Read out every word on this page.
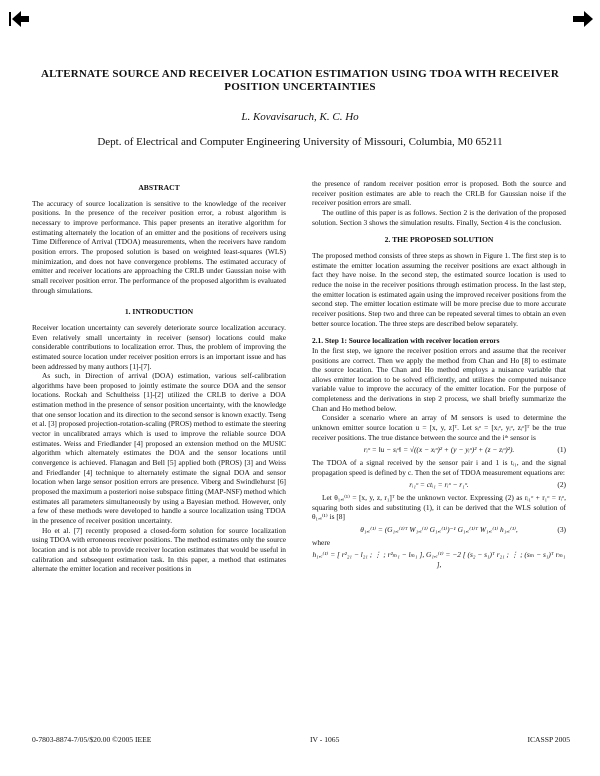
ALTERNATE SOURCE AND RECEIVER LOCATION ESTIMATION USING TDOA WITH RECEIVER POSITION UNCERTAINTIES
L. Kovavisaruch, K. C. Ho
Dept. of Electrical and Computer Engineering University of Missouri, Columbia, M0 65211
ABSTRACT

The accuracy of source localization is sensitive to the knowledge of the receiver positions. In the presence of the receiver position error, a robust algorithm is necessary to improve performance. This paper presents an iterative algorithm for estimating alternately the location of an emitter and the positions of receivers using Time Difference of Arrival (TDOA) measurements, when the receivers have random position errors. The proposed solution is based on weighted least-squares (WLS) minimization, and does not have convergence problems. The estimated accuracy of emitter and receiver locations are approaching the CRLB under Gaussian noise with small receiver position error. The performance of the proposed algorithm is evaluated through simulations.

1. INTRODUCTION

Receiver location uncertainty can severely deteriorate source localization accuracy. Even relatively small uncertainty in receiver (sensor) locations could make considerable contributions to localization error. Thus, the problem of improving the estimated source location under receiver position errors is an important issue and has been addressed by many authors [1]-[7].

As such, in Direction of arrival (DOA) estimation, various self-calibration algorithms have been proposed to jointly estimate the source DOA and the sensor locations. Rockah and Schultheiss [1]-[2] utilized the CRLB to derive a DOA estimation method in the presence of sensor position uncertainty, with the knowledge that one sensor location and its direction to the second sensor is known exactly. Tseng et al. [3] proposed projection-rotation-scaling (PROS) method to estimate the steering vector in uncalibrated arrays which is used to improve the reliable source DOA estimates. Weiss and Friedlander [4] proposed an extension method on the MUSIC algorithm which alternately estimates the DOA and the sensor locations until convergence is achieved. Flanagan and Bell [5] applied both (PROS) [3] and Weiss and Friedlander [4] technique to alternately estimate the signal DOA and sensor location when large sensor position errors are presence. Viberg and Swindlehurst [6] proposed the maximum a posteriori noise subspace fitting (MAP-NSF) method which estimates all parameters simultaneously by using a Bayesian method. However, only a few of these methods were developed to handle a source localization using TDOA in the presence of receiver position uncertainty.

Ho et al. [7] recently proposed a closed-form solution for source localization using TDOA with erroneous receiver positions. The method estimates only the source location and is not able to provide receiver location estimates that would be useful in calibration and subsequent estimation task. In this paper, a method that estimates alternate the emitter location and receiver positions in

the presence of random receiver position error is proposed. Both the source and receiver position estimates are able to reach the CRLB for Gaussian noise if the receiver position errors are small.

The outline of this paper is as follows. Section 2 is the derivation of the proposed solution. Section 3 shows the simulation results. Finally, Section 4 is the conclusion.

2. THE PROPOSED SOLUTION

The proposed method consists of three steps as shown in Figure 1. The first step is to estimate the emitter location assuming the receiver positions are exact although in fact they have noise. In the second step, the estimated source location is used to reduce the noise in the receiver positions through estimation process. In the last step, the emitter location is estimated again using the improved receiver positions from the second step. The emitter location estimate will be more precise due to more accurate receiver positions. Step two and three can be repeated several times to obtain an even better source location. The three steps are described below separately.

2.1. Step 1: Source localization with receiver location errors

In the first step, we ignore the receiver position errors and assume that the receiver positions are correct. Then we apply the method from Chan and Ho [8] to estimate the source location. The Chan and Ho method employs a nuisance variable that allows emitter location to be solved efficiently, and utilizes the computed nuisance variable value to improve the accuracy of the emitter location. For the purpose of completeness and the derivations in step 2 process, we shall briefly summarize the Chan and Ho method below.

Consider a scenario where an array of M sensors is used to determine the unknown emitter source location u = [x, y, z]ᵀ. Let sᵢᵒ = [xᵢᵒ, yᵢᵒ, zᵢᵒ]ᵀ be the true receiver positions. The true distance between the source and the iᵗʰ sensor is

rᵢᵒ = ‖u − sᵢᵒ‖ = √((x − xᵢᵒ)² + (y − yᵢᵒ)² + (z − zᵢᵒ)²).	(1)

The TDOA of a signal received by the sensor pair i and 1 is tᵢ₁, and the signal propagation speed is defined by c. Then the set of TDOA measurement equations are:

rᵢ₁ᵒ = ctᵢ₁ = rᵢᵒ − r₁ᵒ.	(2)

Let θ₁,ₑ⁽¹⁾ = [x, y, z, r₁]ᵀ be the unknown vector. Expressing (2) as rᵢ₁ᵒ + r₁ᵒ = rᵢᵒ, squaring both sides and substituting (1), it can be derived that the WLS solution of θ₁,ₑ⁽¹⁾ is [8]

θ₁,ₑ⁽¹⁾ = (G₁,ₑ⁽¹⁾ᵀ W₁,ₑ⁽¹⁾ G₁,ₑ⁽¹⁾)⁻¹ G₁,ₑ⁽¹⁾ᵀ W₁,ₑ⁽¹⁾ h₁,ₑ⁽¹⁾,	(3)

where

h₁,ₑ⁽¹⁾ = [ r²₂₁ − l₂₁ ; ⋮ ; r²ₘ₁ − lₘ₁ ], G₁,ₑ⁽¹⁾ = −2 [ (s₂ − s₁)ᵀ r₂₁ ; ⋮ ; (sₘ − s₁)ᵀ rₘ₁ ],
0-7803-8874-7/05/$20.00 ©2005 IEEE	IV - 1065	ICASSP 2005
